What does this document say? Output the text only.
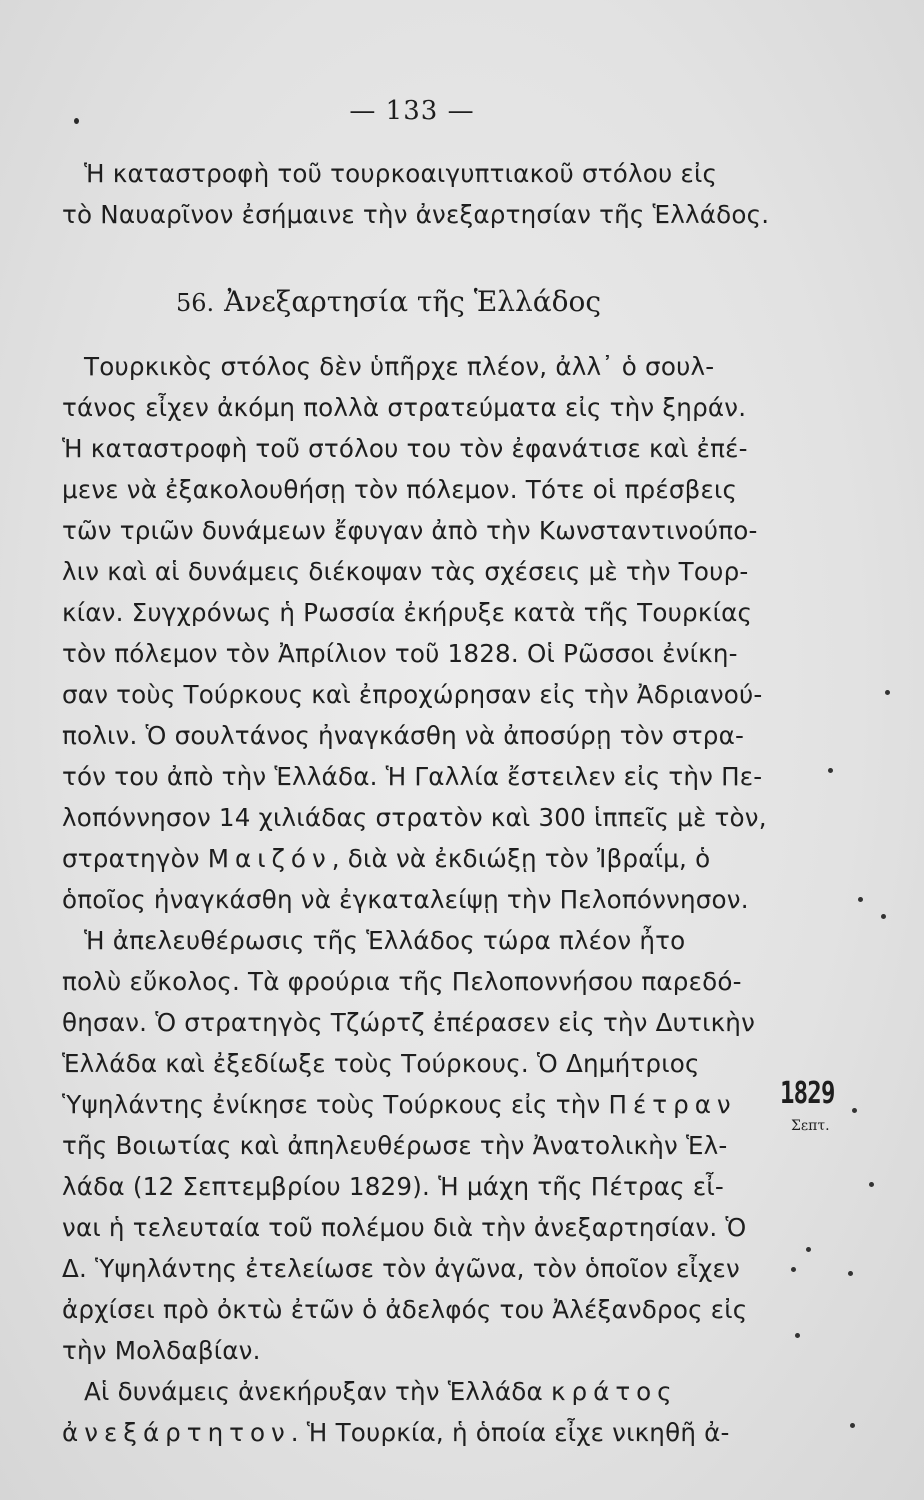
— 133 —
Ἡ καταστροφὴ τοῦ τουρκοαιγυπτιακοῦ στόλου εἰς
τὸ Ναυαρῖνον ἐσήμαινε τὴν ἀνεξαρτησίαν τῆς Ἑλλάδος.
56. Ἀνεξαρτησία τῆς Ἑλλάδος
Τουρκικὸς στόλος δὲν ὑπῆρχε πλέον, ἀλλ᾿ ὁ σουλ-
τάνος εἶχεν ἀκόμη πολλὰ στρατεύματα εἰς τὴν ξηράν.
Ἡ καταστροφὴ τοῦ στόλου του τὸν ἐφανάτισε καὶ ἐπέ-
μενε νὰ ἐξακολουθήσῃ τὸν πόλεμον. Τότε οἱ πρέσβεις
τῶν τριῶν δυνάμεων ἔφυγαν ἀπὸ τὴν Κωνσταντινούπο-
λιν καὶ αἱ δυνάμεις διέκοψαν τὰς σχέσεις μὲ τὴν Τουρ-
κίαν. Συγχρόνως ἡ Ρωσσία ἐκήρυξε κατὰ τῆς Τουρκίας
τὸν πόλεμον τὸν Ἀπρίλιον τοῦ 1828. Οἱ Ρῶσσοι ἐνίκη-
σαν τοὺς Τούρκους καὶ ἐπροχώρησαν εἰς τὴν Ἀδριανού-
πολιν. Ὁ σουλτάνος ἠναγκάσθη νὰ ἀποσύρῃ τὸν στρα-
τόν του ἀπὸ τὴν Ἑλλάδα. Ἡ Γαλλία ἔστειλεν εἰς τὴν Πε-
λοπόννησον 14 χιλιάδας στρατὸν καὶ 300 ἱππεῖς μὲ τὸν,
στρατηγὸν Μαιζόν, διὰ νὰ ἐκδιώξῃ τὸν Ἰβραΐμ, ὁ
ὁποῖος ἠναγκάσθη νὰ ἐγκαταλείψῃ τὴν Πελοπόννησον.
Ἡ ἀπελευθέρωσις τῆς Ἑλλάδος τώρα πλέον ἦτο
πολὺ εὔκολος. Τὰ φρούρια τῆς Πελοποννήσου παρεδό-
θησαν. Ὁ στρατηγὸς Τζώρτζ ἐπέρασεν εἰς τὴν Δυτικὴν
Ἑλλάδα καὶ ἐξεδίωξε τοὺς Τούρκους. Ὁ Δημήτριος
Ὑψηλάντης ἐνίκησε τοὺς Τούρκους εἰς τὴν Πέτραν
τῆς Βοιωτίας καὶ ἀπηλευθέρωσε τὴν Ἀνατολικὴν Ἑλ-
λάδα (12 Σεπτεμβρίου 1829). Ἡ μάχη τῆς Πέτρας εἶ-
ναι ἡ τελευταία τοῦ πολέμου διὰ τὴν ἀνεξαρτησίαν. Ὁ
Δ. Ὑψηλάντης ἐτελείωσε τὸν ἀγῶνα, τὸν ὁποῖον εἶχεν
ἀρχίσει πρὸ ὀκτὼ ἐτῶν ὁ ἀδελφός του Ἀλέξανδρος εἰς
τὴν Μολδαβίαν.
Αἱ δυνάμεις ἀνεκήρυξαν τὴν Ἑλλάδα κράτος
ἀνεξάρτητον. Ἡ Τουρκία, ἡ ὁποία εἶχε νικηθῆ ἀ-
1829
Σεπτ.
